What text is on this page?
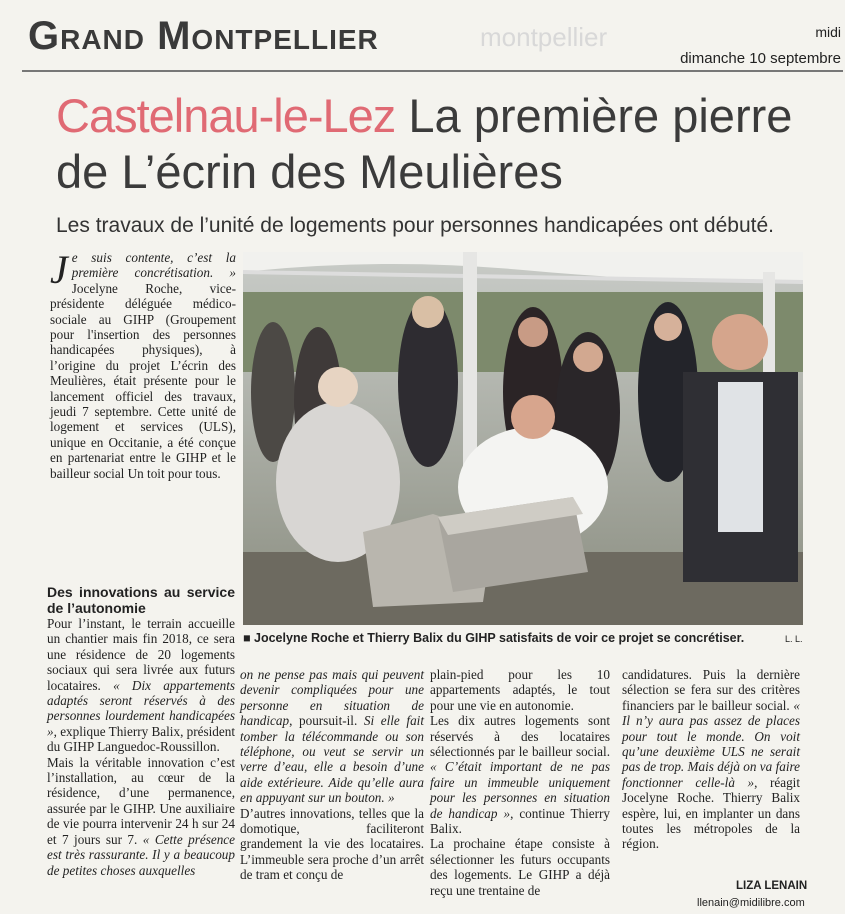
Grand Montpellier	montpellier	midi
dimanche 10 septembre
Castelnau-le-Lez La première pierre de L’écrin des Meulières
Les travaux de l’unité de logements pour personnes handicapées ont débuté.

Je suis contente, c’est la première concrétisation. » Jocelyne Roche, vice-présidente déléguée médico-sociale au GIHP (Groupement pour l'insertion des personnes handicapées physiques), à l’origine du projet L’écrin des Meulières, était présente pour le lancement officiel des travaux, jeudi 7 septembre. Cette unité de logement et services (ULS), unique en Occitanie, a été conçue en partenariat entre le GIHP et le bailleur social Un toit pour tous.

Des innovations au service de l’autonomie

Pour l’instant, le terrain accueille un chantier mais fin 2018, ce sera une résidence de 20 logements sociaux qui sera livrée aux futurs locataires. « Dix appartements adaptés seront réservés à des personnes lourdement handicapées », explique Thierry Balix, président du GIHP Languedoc-Roussillon.

Mais la véritable innovation c’est l’installation, au cœur de la résidence, d’une permanence, assurée par le GIHP. Une auxiliaire de vie pourra intervenir 24 h sur 24 et 7 jours sur 7. « Cette présence est très rassurante. Il y a beaucoup de petites choses auxquelles

■ Jocelyne Roche et Thierry Balix du GIHP satisfaits de voir ce projet se concrétiser.	L. L.

on ne pense pas mais qui peuvent devenir compliquées pour une personne en situation de handicap, poursuit-il. Si elle fait tomber la télécommande ou son téléphone, ou veut se servir un verre d’eau, elle a besoin d’une aide extérieure. Aide qu’elle aura en appuyant sur un bouton. »

D’autres innovations, telles que la domotique, faciliteront grandement la vie des locataires. L’immeuble sera proche d’un arrêt de tram et conçu de

plain-pied pour les 10 appartements adaptés, le tout pour une vie en autonomie.

Les dix autres logements sont réservés à des locataires sélectionnés par le bailleur social. « C’était important de ne pas faire un immeuble uniquement pour les personnes en situation de handicap », continue Thierry Balix.

La prochaine étape consiste à sélectionner les futurs occupants des logements. Le GIHP a déjà reçu une trentaine de

candidatures. Puis la dernière sélection se fera sur des critères financiers par le bailleur social. « Il n’y aura pas assez de places pour tout le monde. On voit qu’une deuxième ULS ne serait pas de trop. Mais déjà on va faire fonctionner celle-là », réagit Jocelyne Roche. Thierry Balix espère, lui, en implanter un dans toutes les métropoles de la région.

LIZA LENAIN
llenain@midilibre.com
